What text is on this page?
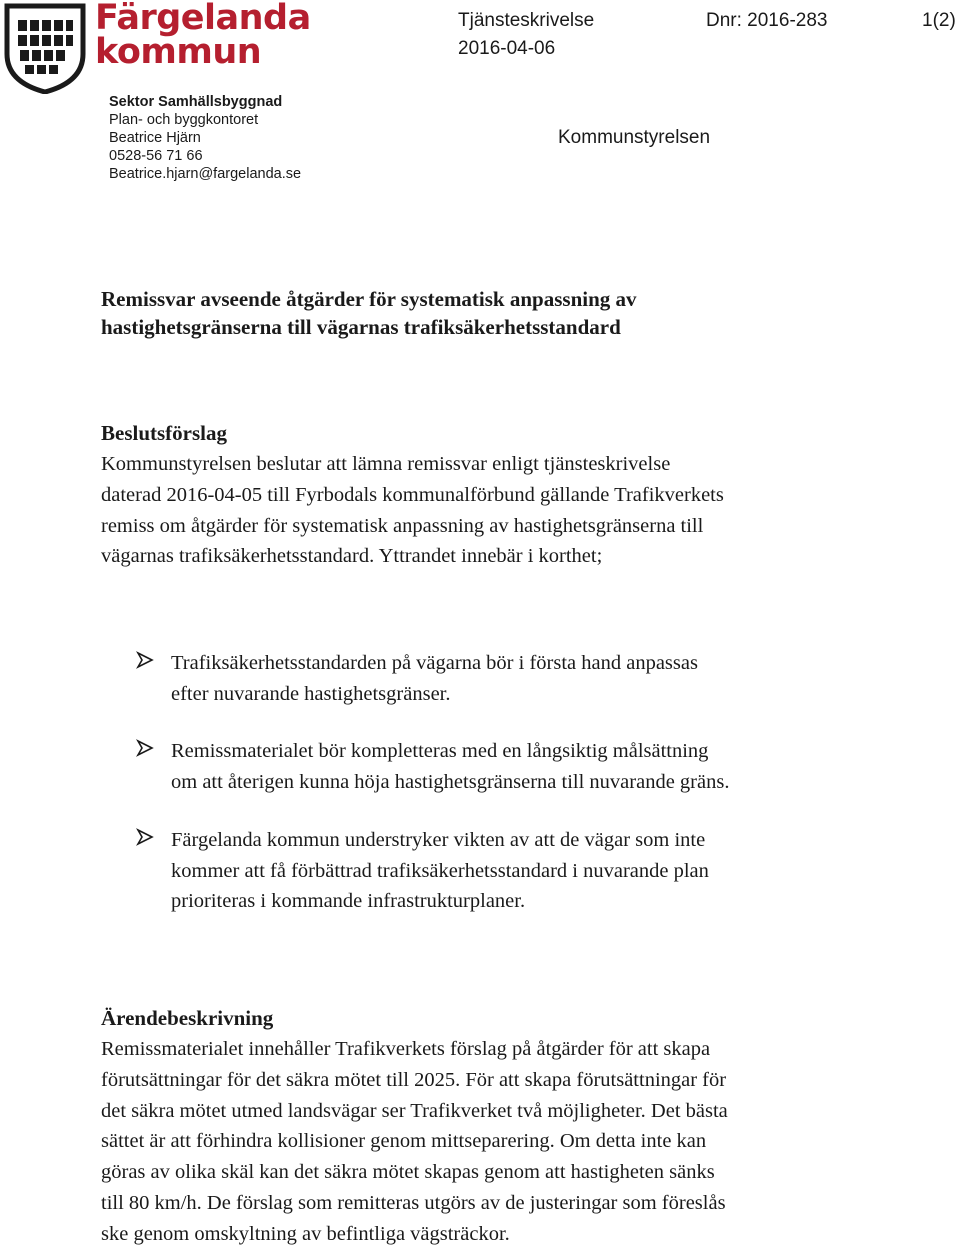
Färgelanda
kommun
Tjänsteskrivelse
2016-04-06
Dnr: 2016-283	1(2)
Kommunstyrelsen
Sektor Samhällsbyggnad
Plan- och byggkontoret
Beatrice Hjärn
0528-56 71 66
Beatrice.hjarn@fargelanda.se
Remissvar avseende åtgärder för systematisk anpassning av
hastighetsgränserna till vägarnas trafiksäkerhetsstandard
Beslutsförslag
Kommunstyrelsen beslutar att lämna remissvar enligt tjänsteskrivelse
daterad 2016-04-05 till Fyrbodals kommunalförbund gällande Trafikverkets
remiss om åtgärder för systematisk anpassning av hastighetsgränserna till
vägarnas trafiksäkerhetsstandard. Yttrandet innebär i korthet;
Trafiksäkerhetsstandarden på vägarna bör i första hand anpassas
efter nuvarande hastighetsgränser.
Remissmaterialet bör kompletteras med en långsiktig målsättning
om att återigen kunna höja hastighetsgränserna till nuvarande gräns.
Färgelanda kommun understryker vikten av att de vägar som inte
kommer att få förbättrad trafiksäkerhetsstandard i nuvarande plan
prioriteras i kommande infrastrukturplaner.
Ärendebeskrivning
Remissmaterialet innehåller Trafikverkets förslag på åtgärder för att skapa
förutsättningar för det säkra mötet till 2025. För att skapa förutsättningar för
det säkra mötet utmed landsvägar ser Trafikverket två möjligheter. Det bästa
sättet är att förhindra kollisioner genom mittseparering. Om detta inte kan
göras av olika skäl kan det säkra mötet skapas genom att hastigheten sänks
till 80 km/h. De förslag som remitteras utgörs av de justeringar som föreslås
ske genom omskyltning av befintliga vägsträckor.
